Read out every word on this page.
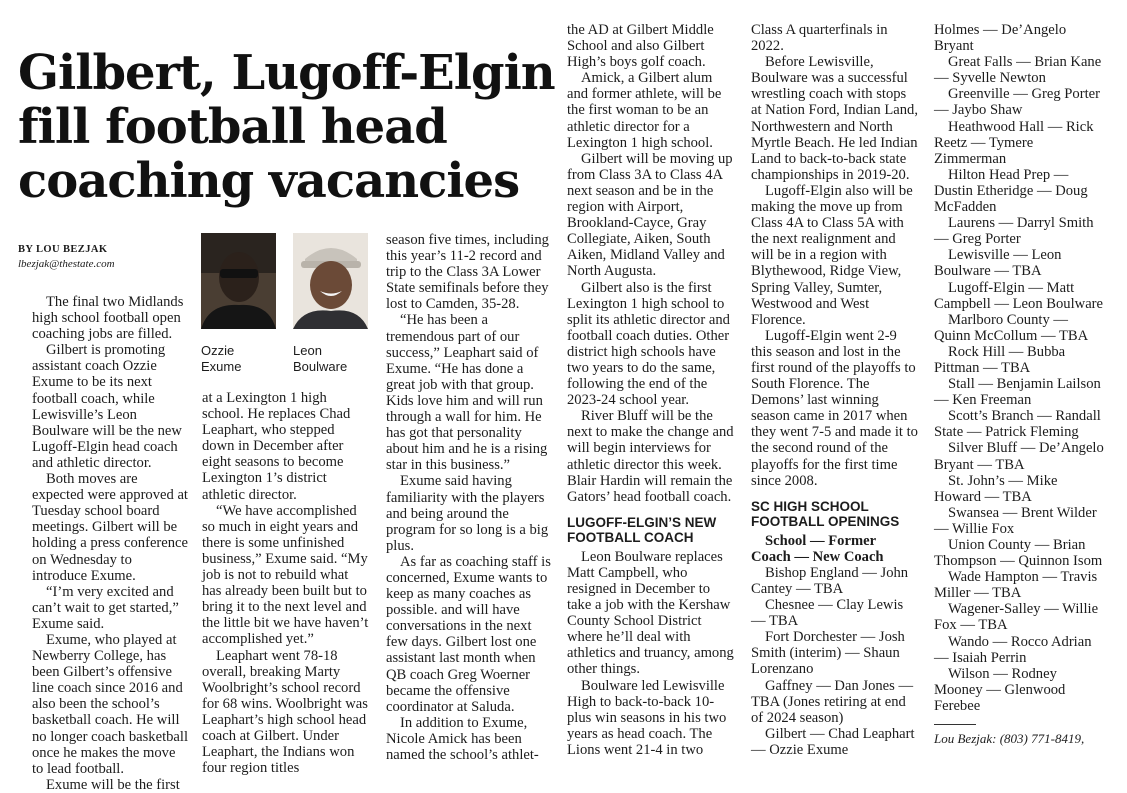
Gilbert, Lugoff-Elgin fill football head coaching vacancies
BY LOU BEZJAK
lbezjak@thestate.com
Ozzie
Exume
Leon
Boulware

The final two Midlands high school football open coaching jobs are filled.

Gilbert is promoting assistant coach Ozzie Exume to be its next football coach, while Lewisville’s Leon Boulware will be the new Lugoff-Elgin head coach and athletic director.

Both moves are expected were approved at Tuesday school board meetings. Gilbert will be holding a press conference on Wednesday to introduce Exume.

“I’m very excited and can’t wait to get started,” Exume said.

Exume, who played at Newberry College, has been Gilbert’s offensive line coach since 2016 and also been the school’s basketball coach. He will no longer coach basketball once he makes the move to lead football.

Exume will be the first

at a Lexington 1 high school. He replaces Chad Leaphart, who stepped down in December after eight seasons to become Lexington 1’s district athletic director.

“We have accomplished so much in eight years and there is some unfinished business,” Exume said. “My job is not to rebuild what has already been built but to bring it to the next level and the little bit we have haven’t accomplished yet.”

Leaphart went 78-18 overall, breaking Marty Woolbright’s school record for 68 wins. Woolbright was Leaphart’s high school head coach at Gilbert. Under Leaphart, the Indians won four region titles

season five times, including this year’s 11-2 record and trip to the Class 3A Lower State semifinals before they lost to Camden, 35-28.

“He has been a tremendous part of our success,” Leaphart said of Exume. “He has done a great job with that group. Kids love him and will run through a wall for him. He has got that personality about him and he is a rising star in this business.”

Exume said having familiarity with the players and being around the program for so long is a big plus.

As far as coaching staff is concerned, Exume wants to keep as many coaches as possible. and will have conversations in the next few days. Gilbert lost one assistant last month when QB coach Greg Woerner became the offensive coordinator at Saluda.

In addition to Exume, Nicole Amick has been named the school’s athlet-

the AD at Gilbert Middle School and also Gilbert High’s boys golf coach.

Amick, a Gilbert alum and former athlete, will be the first woman to be an athletic director for a Lexington 1 high school.

Gilbert will be moving up from Class 3A to Class 4A next season and be in the region with Airport, Brookland-Cayce, Gray Collegiate, Aiken, South Aiken, Midland Valley and North Augusta.

Gilbert also is the first Lexington 1 high school to split its athletic director and football coach duties. Other district high schools have two years to do the same, following the end of the 2023-24 school year.

River Bluff will be the next to make the change and will begin interviews for athletic director this week. Blair Hardin will remain the Gators’ head football coach.

LUGOFF-ELGIN’S NEW FOOTBALL COACH

Leon Boulware replaces Matt Campbell, who resigned in December to take a job with the Kershaw County School District where he’ll deal with athletics and truancy, among other things.

Boulware led Lewisville High to back-to-back 10-plus win seasons in his two years as head coach. The Lions went 21-4 in two

Class A quarterfinals in 2022.

Before Lewisville, Boulware was a successful wrestling coach with stops at Nation Ford, Indian Land, Northwestern and North Myrtle Beach. He led Indian Land to back-to-back state championships in 2019-20.

Lugoff-Elgin also will be making the move up from Class 4A to Class 5A with the next realignment and will be in a region with Blythewood, Ridge View, Spring Valley, Sumter, Westwood and West Florence.

Lugoff-Elgin went 2-9 this season and lost in the first round of the playoffs to South Florence. The Demons’ last winning season came in 2017 when they went 7-5 and made it to the second round of the playoffs for the first time since 2008.

SC HIGH SCHOOL FOOTBALL OPENINGS

School — Former Coach — New Coach

Bishop England — John Cantey — TBA

Chesnee — Clay Lewis — TBA

Fort Dorchester — Josh Smith (interim) — Shaun Lorenzano

Gaffney — Dan Jones — TBA (Jones retiring at end of 2024 season)

Gilbert — Chad Leaphart — Ozzie Exume

Holmes — De’Angelo Bryant

Great Falls — Brian Kane — Syvelle Newton

Greenville — Greg Porter — Jaybo Shaw

Heathwood Hall — Rick Reetz — Tymere Zimmerman

Hilton Head Prep — Dustin Etheridge — Doug McFadden

Laurens — Darryl Smith — Greg Porter

Lewisville — Leon Boulware — TBA

Lugoff-Elgin — Matt Campbell — Leon Boulware

Marlboro County — Quinn McCollum — TBA

Rock Hill — Bubba Pittman — TBA

Stall — Benjamin Lailson — Ken Freeman

Scott’s Branch — Randall State — Patrick Fleming

Silver Bluff — De’Angelo Bryant — TBA

St. John’s — Mike Howard — TBA

Swansea — Brent Wilder — Willie Fox

Union County — Brian Thompson — Quinnon Isom

Wade Hampton — Travis Miller — TBA

Wagener-Salley — Willie Fox — TBA

Wando — Rocco Adrian — Isaiah Perrin

Wilson — Rodney Mooney — Glenwood Ferebee

Lou Bezjak: (803) 771-8419,
